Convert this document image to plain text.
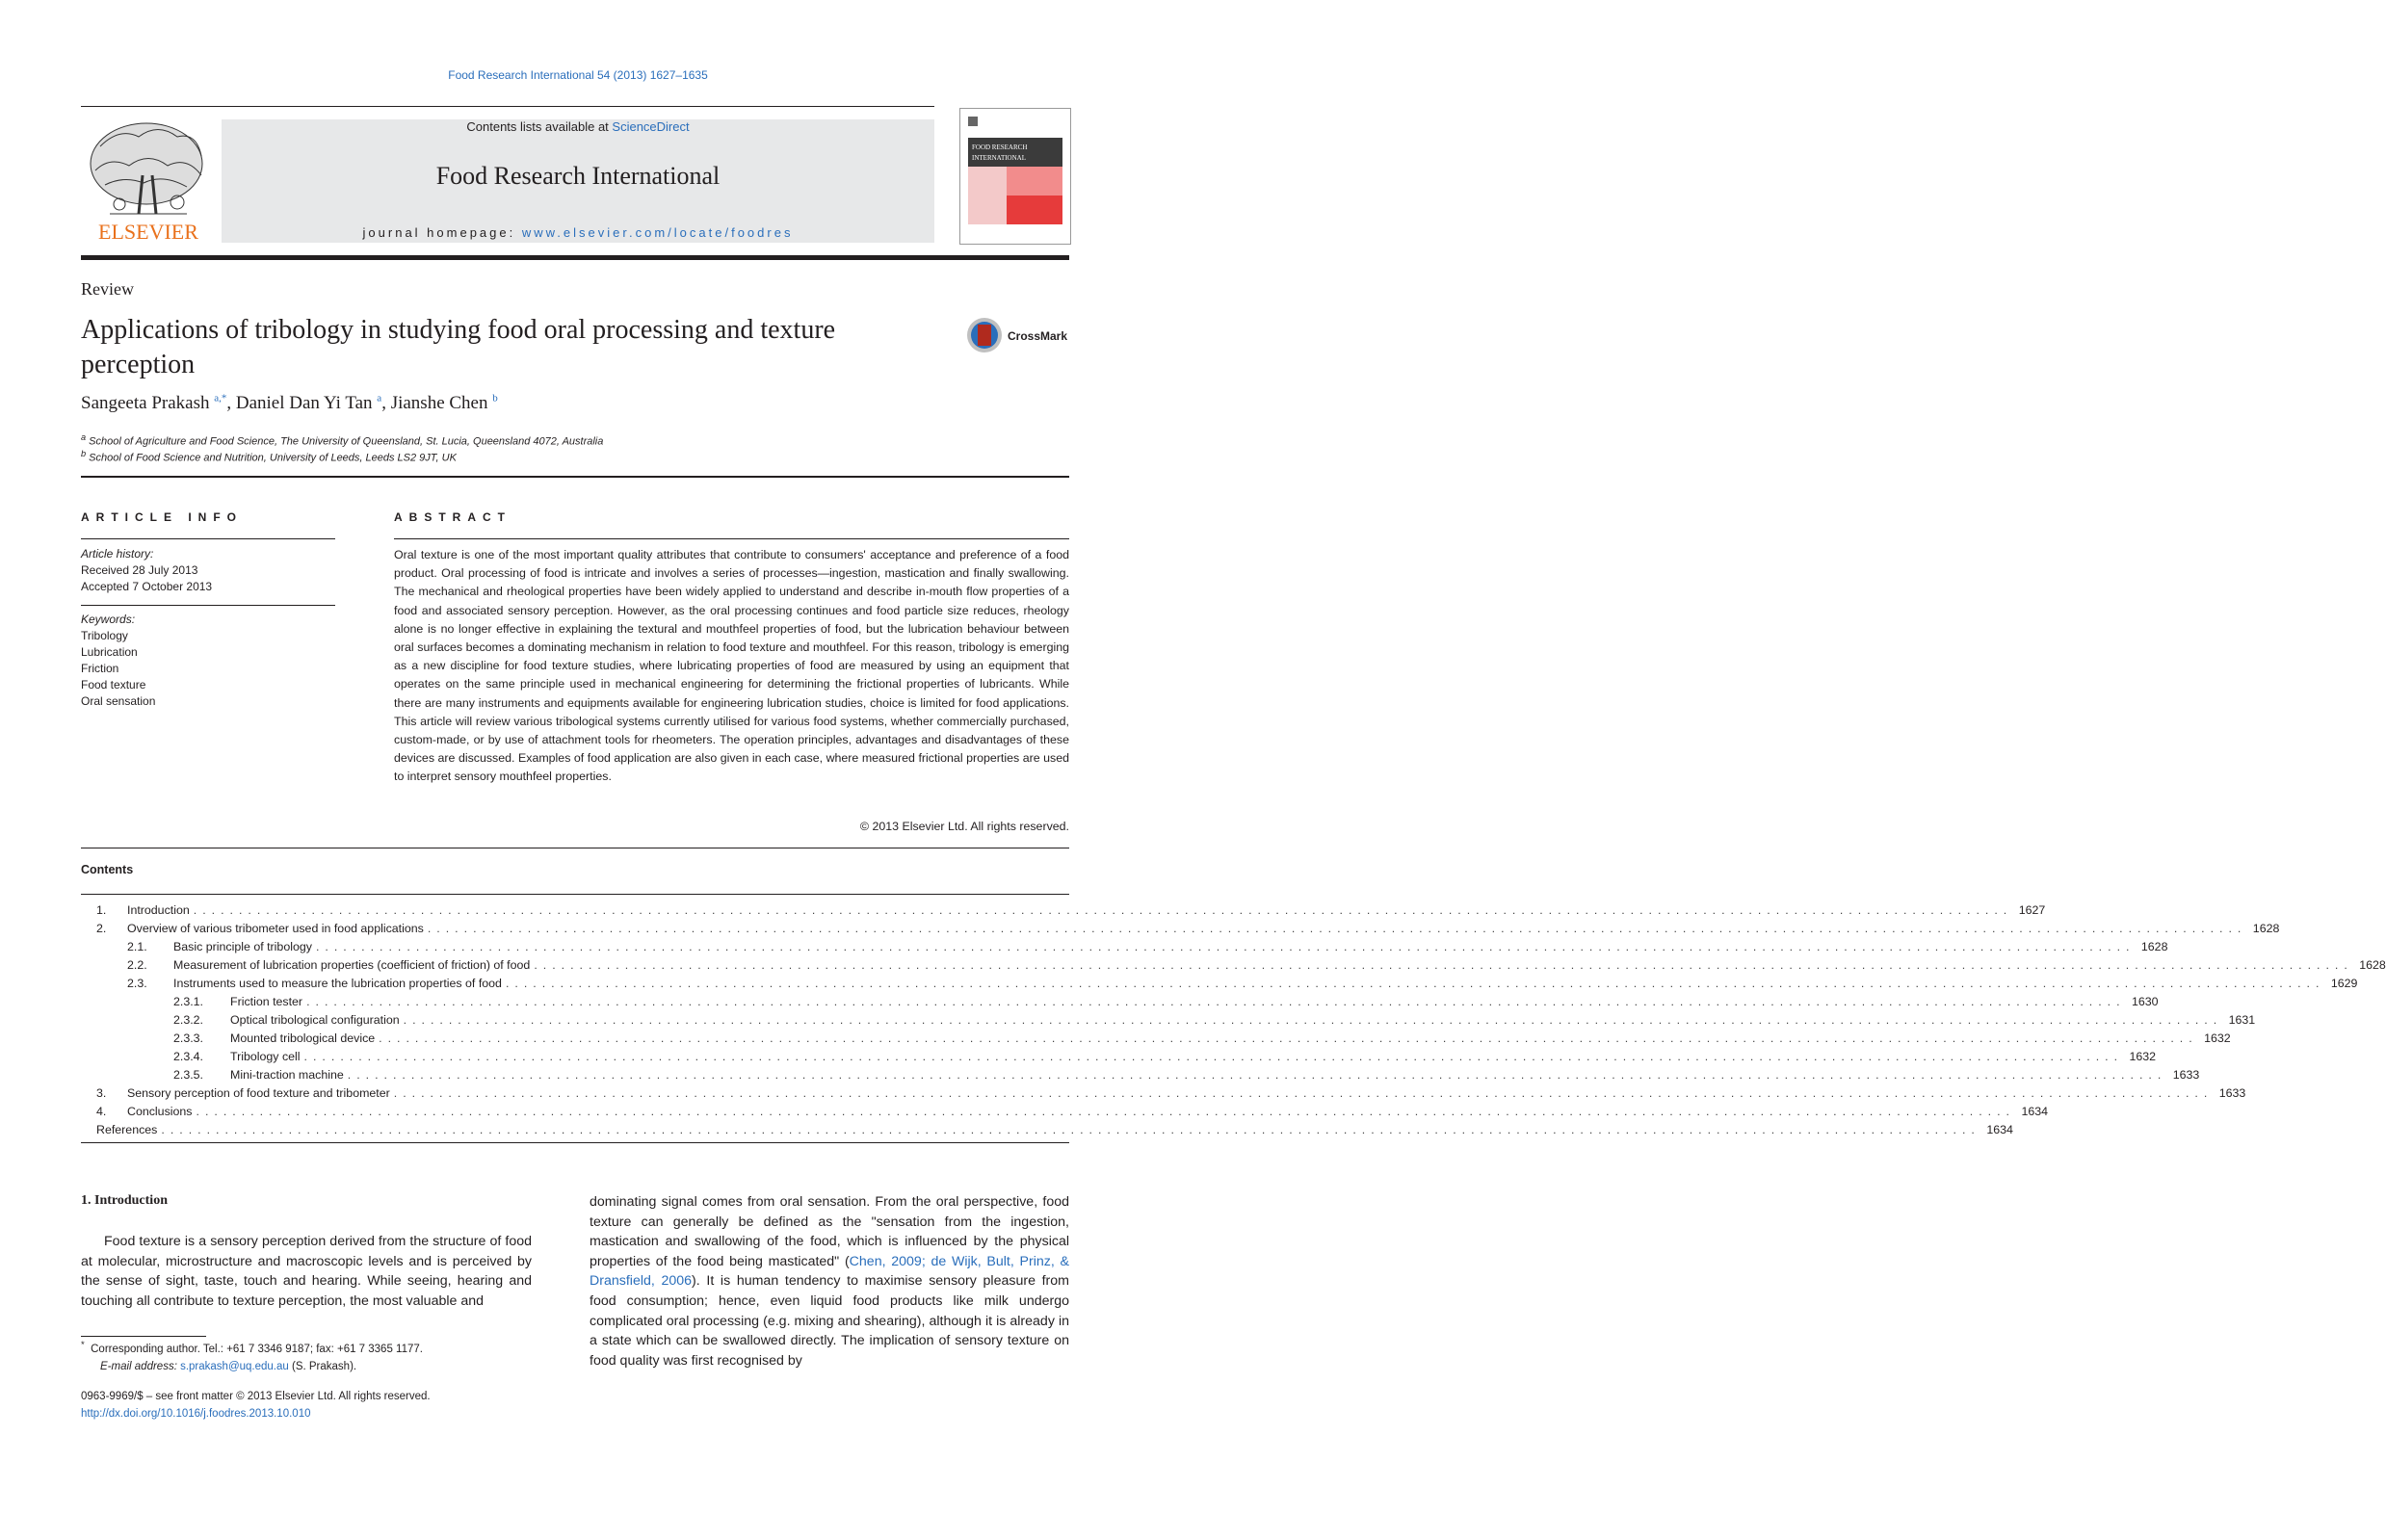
Food Research International 54 (2013) 1627–1635
ELSEVIER
Contents lists available at ScienceDirect
Food Research International
journal homepage: www.elsevier.com/locate/foodres
FOOD RESEARCH
INTERNATIONAL
Review
Applications of tribology in studying food oral processing and texture perception
CrossMark
Sangeeta Prakash $^{a,*}$, Daniel Dan Yi Tan $^a$, Jianshe Chen $^b$
$^a$ School of Agriculture and Food Science, The University of Queensland, St. Lucia, Queensland 4072, Australia
$^b$ School of Food Science and Nutrition, University of Leeds, Leeds LS2 9JT, UK
ARTICLE INFO	ABSTRACT
Article history:
Received 28 July 2013
Accepted 7 October 2013
Keywords:
Tribology
Lubrication
Friction
Food texture
Oral sensation
Oral texture is one of the most important quality attributes that contribute to consumers' acceptance and preference of a food product. Oral processing of food is intricate and involves a series of processes—ingestion, mastication and finally swallowing. The mechanical and rheological properties have been widely applied to understand and describe in-mouth flow properties of a food and associated sensory perception. However, as the oral processing continues and food particle size reduces, rheology alone is no longer effective in explaining the textural and mouthfeel properties of food, but the lubrication behaviour between oral surfaces becomes a dominating mechanism in relation to food texture and mouthfeel. For this reason, tribology is emerging as a new discipline for food texture studies, where lubricating properties of food are measured by using an equipment that operates on the same principle used in mechanical engineering for determining the frictional properties of lubricants. While there are many instruments and equipments available for engineering lubrication studies, choice is limited for food applications. This article will review various tribological systems currently utilised for various food systems, whether commercially purchased, custom-made, or by use of attachment tools for rheometers. The operation principles, advantages and disadvantages of these devices are discussed. Examples of food application are also given in each case, where measured frictional properties are used to interpret sensory mouthfeel properties.
© 2013 Elsevier Ltd. All rights reserved.
Contents
1.	Introduction ........................................................................................................................................................................................................ 1627
2.	Overview of various tribometer used in food applications ........................................................................................................................................................................................................ 1628
2.1.	Basic principle of tribology ........................................................................................................................................................................................................ 1628
2.2.	Measurement of lubrication properties (coefficient of friction) of food ........................................................................................................................................................................................................ 1628
2.3.	Instruments used to measure the lubrication properties of food ........................................................................................................................................................................................................ 1629
2.3.1.	Friction tester ........................................................................................................................................................................................................ 1630
2.3.2.	Optical tribological configuration ........................................................................................................................................................................................................ 1631
2.3.3.	Mounted tribological device ........................................................................................................................................................................................................ 1632
2.3.4.	Tribology cell ........................................................................................................................................................................................................ 1632
2.3.5.	Mini-traction machine ........................................................................................................................................................................................................ 1633
3.	Sensory perception of food texture and tribometer ........................................................................................................................................................................................................ 1633
4.	Conclusions ........................................................................................................................................................................................................ 1634
References ........................................................................................................................................................................................................ 1634
1. Introduction
Food texture is a sensory perception derived from the structure of food at molecular, microstructure and macroscopic levels and is perceived by the sense of sight, taste, touch and hearing. While seeing, hearing and touching all contribute to texture perception, the most valuable and
dominating signal comes from oral sensation. From the oral perspective, food texture can generally be defined as the "sensation from the ingestion, mastication and swallowing of the food, which is influenced by the physical properties of the food being masticated" (Chen, 2009; de Wijk, Bult, Prinz, & Dransfield, 2006). It is human tendency to maximise sensory pleasure from food consumption; hence, even liquid food products like milk undergo complicated oral processing (e.g. mixing and shearing), although it is already in a state which can be swallowed directly. The implication of sensory texture on food quality was first recognised by
* Corresponding author. Tel.: +61 7 3346 9187; fax: +61 7 3365 1177.
E-mail address: s.prakash@uq.edu.au (S. Prakash).
0963-9969/$ – see front matter © 2013 Elsevier Ltd. All rights reserved.
http://dx.doi.org/10.1016/j.foodres.2013.10.010
